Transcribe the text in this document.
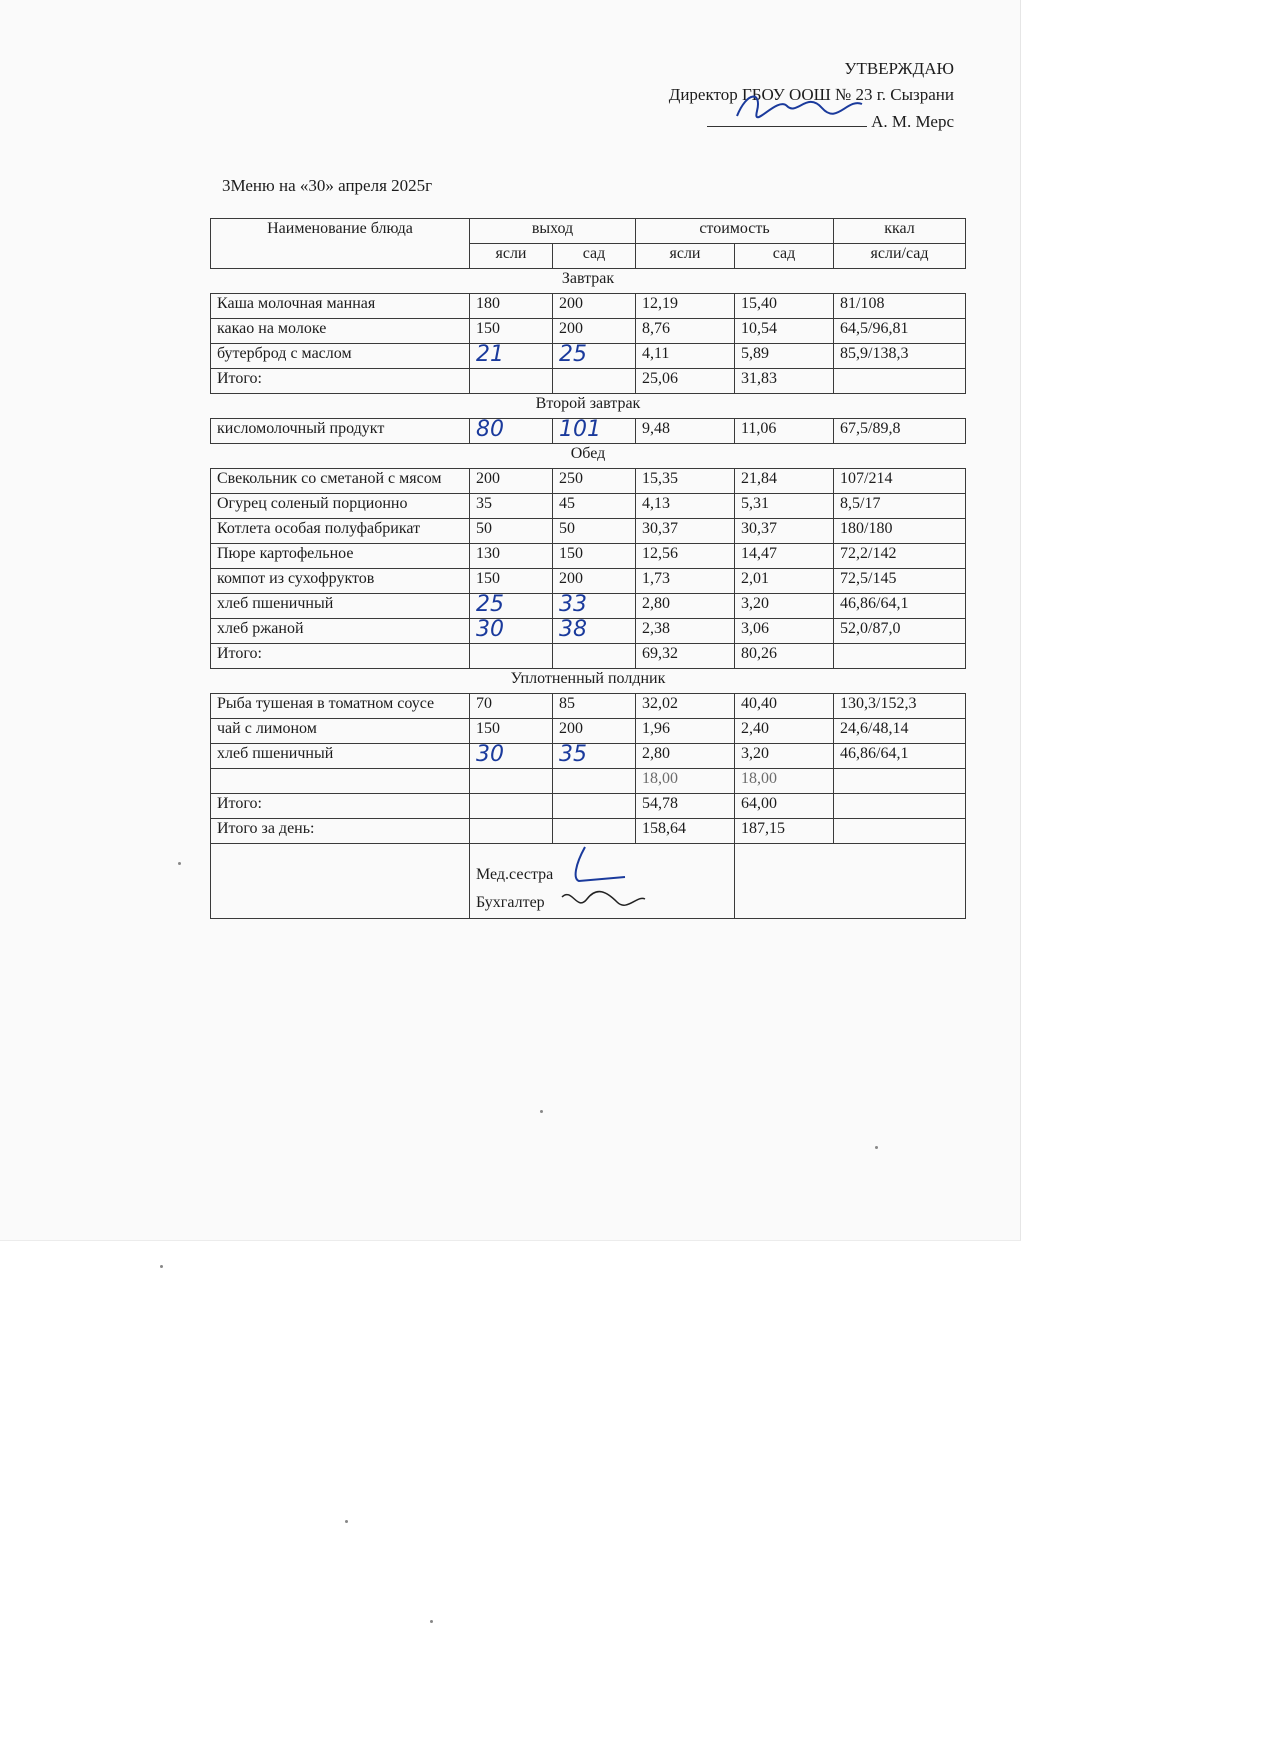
УТВЕРЖДАЮ
Директор ГБОУ ООШ № 23 г. Сызрани
А. М. Мерс
3Меню на «30» апреля 2025г
Наименование блюда	выход		стоимость		ккал
	ясли	сад	ясли	сад	ясли/сад
Завтрак					
Каша молочная манная	180	200	12,19	15,40	81/108
какао на молоке	150	200	8,76	10,54	64,5/96,81
бутерброд с маслом	21	25	4,11	5,89	85,9/138,3
Итого:			25,06	31,83	
Второй завтрак					
кисломолочный продукт	80	101	9,48	11,06	67,5/89,8
Обед					
Свекольник со сметаной с мясом	200	250	15,35	21,84	107/214
Огурец соленый порционно	35	45	4,13	5,31	8,5/17
Котлета особая полуфабрикат	50	50	30,37	30,37	180/180
Пюре картофельное	130	150	12,56	14,47	72,2/142
компот из сухофруктов	150	200	1,73	2,01	72,5/145
хлеб пшеничный	25	33	2,80	3,20	46,86/64,1
хлеб ржаной	30	38	2,38	3,06	52,0/87,0
Итого:			69,32	80,26	
Уплотненный полдник					
Рыба тушеная в томатном соусе	70	85	32,02	40,40	130,3/152,3
чай с лимоном	150	200	1,96	2,40	24,6/48,14
хлеб пшеничный	30	35	2,80	3,20	46,86/64,1
			18,00	18,00	
Итого:			54,78	64,00	
Итого за день:			158,64	187,15	
	Мед.сестра				
	Бухгалтер				
